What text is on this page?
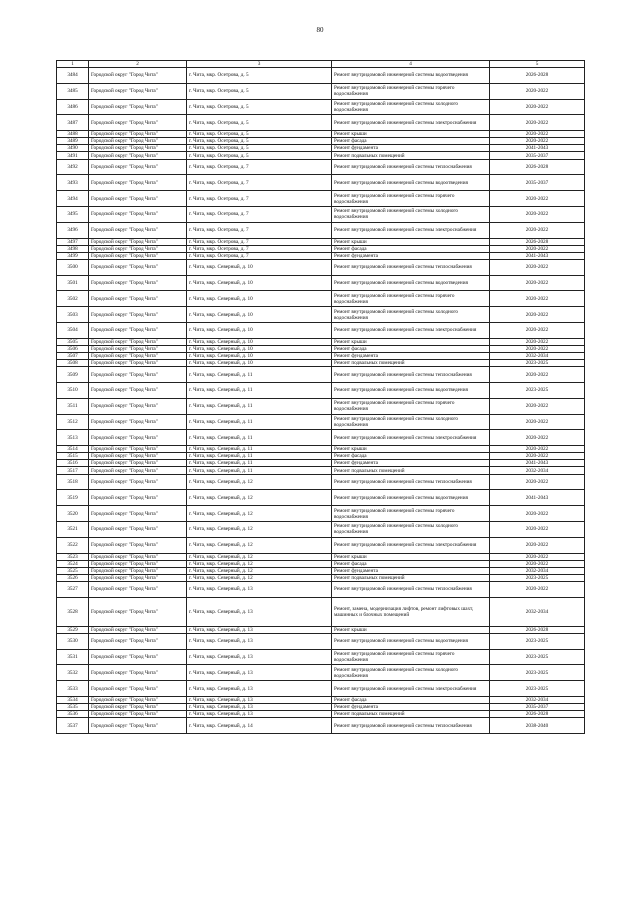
80
1	2	3	4	5
3484	Городской округ "Город Чита"	г. Чита, мкр. Осетрова, д. 5	Ремонт внутридомовой инженерной системы водоотведения	2026-2028
3485	Городской округ "Город Чита"	г. Чита, мкр. Осетрова, д. 5	Ремонт внутридомовой инженерной системы горячего водоснабжения	2020-2022
3486	Городской округ "Город Чита"	г. Чита, мкр. Осетрова, д. 5	Ремонт внутридомовой инженерной системы холодного водоснабжения	2020-2022
3487	Городской округ "Город Чита"	г. Чита, мкр. Осетрова, д. 5	Ремонт внутридомовой инженерной системы электроснабжения	2020-2022
3488	Городской округ "Город Чита"	г. Чита, мкр. Осетрова, д. 5	Ремонт крыши	2020-2022
3489	Городской округ "Город Чита"	г. Чита, мкр. Осетрова, д. 5	Ремонт фасада	2020-2022
3490	Городской округ "Город Чита"	г. Чита, мкр. Осетрова, д. 5	Ремонт фундамента	2041-2043
3491	Городской округ "Город Чита"	г. Чита, мкр. Осетрова, д. 5	Ремонт подвальных помещений	2035-2037
3492	Городской округ "Город Чита"	г. Чита, мкр. Осетрова, д. 7	Ремонт внутридомовой инженерной системы теплоснабжения	2026-2028
3493	Городской округ "Город Чита"	г. Чита, мкр. Осетрова, д. 7	Ремонт внутридомовой инженерной системы водоотведения	2035-2037
3494	Городской округ "Город Чита"	г. Чита, мкр. Осетрова, д. 7	Ремонт внутридомовой инженерной системы горячего водоснабжения	2020-2022
3495	Городской округ "Город Чита"	г. Чита, мкр. Осетрова, д. 7	Ремонт внутридомовой инженерной системы холодного водоснабжения	2020-2022
3496	Городской округ "Город Чита"	г. Чита, мкр. Осетрова, д. 7	Ремонт внутридомовой инженерной системы электроснабжения	2020-2022
3497	Городской округ "Город Чита"	г. Чита, мкр. Осетрова, д. 7	Ремонт крыши	2026-2028
3498	Городской округ "Город Чита"	г. Чита, мкр. Осетрова, д. 7	Ремонт фасада	2020-2022
3499	Городской округ "Город Чита"	г. Чита, мкр. Осетрова, д. 7	Ремонт фундамента	2041-2043
3500	Городской округ "Город Чита"	г. Чита, мкр. Северный, д. 10	Ремонт внутридомовой инженерной системы теплоснабжения	2020-2022
3501	Городской округ "Город Чита"	г. Чита, мкр. Северный, д. 10	Ремонт внутридомовой инженерной системы водоотведения	2020-2022
3502	Городской округ "Город Чита"	г. Чита, мкр. Северный, д. 10	Ремонт внутридомовой инженерной системы горячего водоснабжения	2020-2022
3503	Городской округ "Город Чита"	г. Чита, мкр. Северный, д. 10	Ремонт внутридомовой инженерной системы холодного водоснабжения	2020-2022
3504	Городской округ "Город Чита"	г. Чита, мкр. Северный, д. 10	Ремонт внутридомовой инженерной системы электроснабжения	2020-2022
3505	Городской округ "Город Чита"	г. Чита, мкр. Северный, д. 10	Ремонт крыши	2020-2022
3506	Городской округ "Город Чита"	г. Чита, мкр. Северный, д. 10	Ремонт фасада	2020-2022
3507	Городской округ "Город Чита"	г. Чита, мкр. Северный, д. 10	Ремонт фундамента	2032-2034
3508	Городской округ "Город Чита"	г. Чита, мкр. Северный, д. 10	Ремонт подвальных помещений	2023-2025
3509	Городской округ "Город Чита"	г. Чита, мкр. Северный, д. 11	Ремонт внутридомовой инженерной системы теплоснабжения	2020-2022
3510	Городской округ "Город Чита"	г. Чита, мкр. Северный, д. 11	Ремонт внутридомовой инженерной системы водоотведения	2023-2025
3511	Городской округ "Город Чита"	г. Чита, мкр. Северный, д. 11	Ремонт внутридомовой инженерной системы горячего водоснабжения	2020-2022
3512	Городской округ "Город Чита"	г. Чита, мкр. Северный, д. 11	Ремонт внутридомовой инженерной системы холодного водоснабжения	2020-2022
3513	Городской округ "Город Чита"	г. Чита, мкр. Северный, д. 11	Ремонт внутридомовой инженерной системы электроснабжения	2020-2022
3514	Городской округ "Город Чита"	г. Чита, мкр. Северный, д. 11	Ремонт крыши	2020-2022
3515	Городской округ "Город Чита"	г. Чита, мкр. Северный, д. 11	Ремонт фасада	2020-2022
3516	Городской округ "Город Чита"	г. Чита, мкр. Северный, д. 11	Ремонт фундамента	2041-2043
3517	Городской округ "Город Чита"	г. Чита, мкр. Северный, д. 11	Ремонт подвальных помещений	2032-2034
3518	Городской округ "Город Чита"	г. Чита, мкр. Северный, д. 12	Ремонт внутридомовой инженерной системы теплоснабжения	2020-2022
3519	Городской округ "Город Чита"	г. Чита, мкр. Северный, д. 12	Ремонт внутридомовой инженерной системы водоотведения	2041-2043
3520	Городской округ "Город Чита"	г. Чита, мкр. Северный, д. 12	Ремонт внутридомовой инженерной системы горячего водоснабжения	2020-2022
3521	Городской округ "Город Чита"	г. Чита, мкр. Северный, д. 12	Ремонт внутридомовой инженерной системы холодного водоснабжения	2020-2022
3522	Городской округ "Город Чита"	г. Чита, мкр. Северный, д. 12	Ремонт внутридомовой инженерной системы электроснабжения	2020-2022
3523	Городской округ "Город Чита"	г. Чита, мкр. Северный, д. 12	Ремонт крыши	2020-2022
3524	Городской округ "Город Чита"	г. Чита, мкр. Северный, д. 12	Ремонт фасада	2020-2022
3525	Городской округ "Город Чита"	г. Чита, мкр. Северный, д. 12	Ремонт фундамента	2032-2034
3526	Городской округ "Город Чита"	г. Чита, мкр. Северный, д. 12	Ремонт подвальных помещений	2023-2025
3527	Городской округ "Город Чита"	г. Чита, мкр. Северный, д. 13	Ремонт внутридомовой инженерной системы теплоснабжения	2020-2022
3528	Городской округ "Город Чита"	г. Чита, мкр. Северный, д. 13	Ремонт, замена, модернизация лифтов, ремонт лифтовых шахт, машинных и блочных помещений	2032-2034
3529	Городской округ "Город Чита"	г. Чита, мкр. Северный, д. 13	Ремонт крыши	2026-2028
3530	Городской округ "Город Чита"	г. Чита, мкр. Северный, д. 13	Ремонт внутридомовой инженерной системы водоотведения	2023-2025
3531	Городской округ "Город Чита"	г. Чита, мкр. Северный, д. 13	Ремонт внутридомовой инженерной системы горячего водоснабжения	2023-2025
3532	Городской округ "Город Чита"	г. Чита, мкр. Северный, д. 13	Ремонт внутридомовой инженерной системы холодного водоснабжения	2023-2025
3533	Городской округ "Город Чита"	г. Чита, мкр. Северный, д. 13	Ремонт внутридомовой инженерной системы электроснабжения	2023-2025
3534	Городской округ "Город Чита"	г. Чита, мкр. Северный, д. 13	Ремонт фасада	2032-2034
3535	Городской округ "Город Чита"	г. Чита, мкр. Северный, д. 13	Ремонт фундамента	2035-2037
3536	Городской округ "Город Чита"	г. Чита, мкр. Северный, д. 13	Ремонт подвальных помещений	2026-2028
3537	Городской округ "Город Чита"	г. Чита, мкр. Северный, д. 14	Ремонт внутридомовой инженерной системы теплоснабжения	2038-2040
